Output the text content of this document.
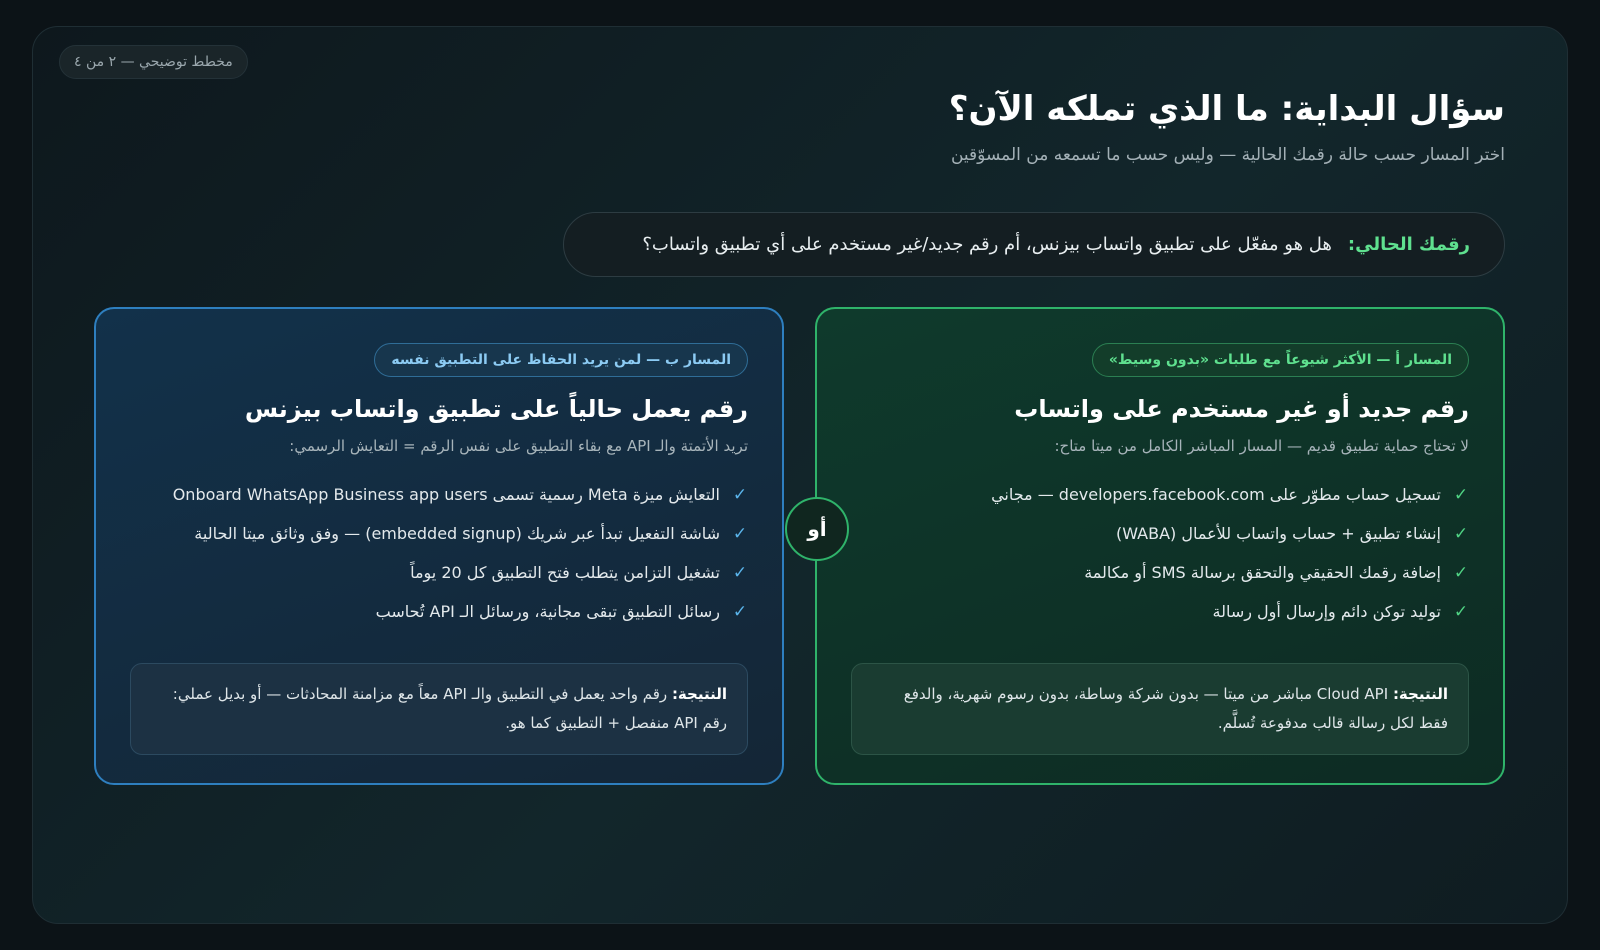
مخطط توضيحي — ٢ من ٤
سؤال البداية: ما الذي تملكه الآن؟

اختر المسار حسب حالة رقمك الحالية — وليس حسب ما تسمعه من المسوّقين

رقمك الحالي:
هل هو مفعّل على تطبيق واتساب بيزنس، أم رقم جديد/غير مستخدم على أي تطبيق واتساب؟
المسار أ — الأكثر شيوعاً مع طلبات «بدون وسيط»
رقم جديد أو غير مستخدم على واتساب
لا تحتاج حماية تطبيق قديم — المسار المباشر الكامل من ميتا متاح:
✓
تسجيل حساب مطوّر على developers.facebook.com — مجاني
✓
إنشاء تطبيق + حساب واتساب للأعمال (WABA)
✓
إضافة رقمك الحقيقي والتحقق برسالة SMS أو مكالمة
✓
توليد توكن دائم وإرسال أول رسالة
النتيجة: Cloud API مباشر من ميتا — بدون شركة وساطة، بدون رسوم شهرية، والدفع فقط لكل رسالة قالب مدفوعة تُسلَّم.
المسار ب — لمن يريد الحفاظ على التطبيق نفسه
رقم يعمل حالياً على تطبيق واتساب بيزنس
تريد الأتمتة والـ API مع بقاء التطبيق على نفس الرقم = التعايش الرسمي:
✓
التعايش ميزة Meta رسمية تسمى Onboard WhatsApp Business app users
✓
شاشة التفعيل تبدأ عبر شريك (embedded signup) — وفق وثائق ميتا الحالية
✓
تشغيل التزامن يتطلب فتح التطبيق كل 20 يوماً
✓
رسائل التطبيق تبقى مجانية، ورسائل الـ API تُحاسب
النتيجة: رقم واحد يعمل في التطبيق والـ API معاً مع مزامنة المحادثات — أو بديل عملي: رقم API منفصل + التطبيق كما هو.
أو
